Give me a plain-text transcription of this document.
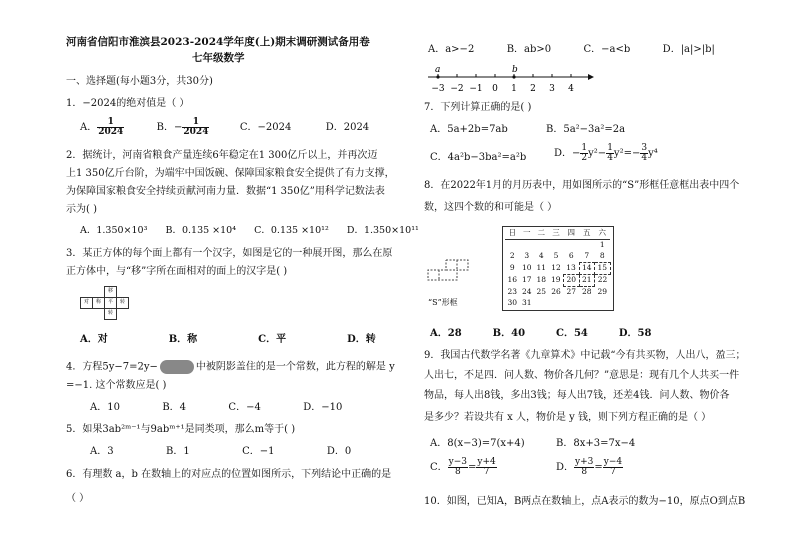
河南省信阳市淮滨县2023-2024学年度(上)期末调研测试备用卷
七年级数学
一、选择题(每小题3分，共30分)
1．−2024的绝对值是（ ）
A． $\frac{1}{2024}$	B．− $\frac{1}{2024}$	C．−2024	D．2024
2．据统计，河南省粮食产量连续6年稳定在1 300亿斤以上，并再次迈
上1 350亿斤台阶，为端牢中国饭碗、保障国家粮食安全提供了有力支撑，
为保障国家粮食安全持续贡献河南力量．数据“1 350亿”用科学记数法表
示为( )
A．1.350×10³ B．0.135 ×10⁴ C．0.135 ×10¹² D．1.350×10¹¹
3．某正方体的每个面上都有一个汉字，如图是它的一种展开图，那么在原
正方体中，与“移”字所在面相对的面上的汉字是( )
		移	
对	称	平	转
		转	
A．对	B．称	C．平	D．转
4．方程5y−7=2y−	中被阴影盖住的是一个常数，此方程的解是 y
=−1. 这个常数应是( )
A．10	B．4	C．−4	D．−10
5．如果3ab²ᵐ⁻¹与9abᵐ⁺¹是同类项，那么m等于( )
A．3	B．1	C．−1	D．0
6．有理数 a，b 在数轴上的对应点的位置如图所示，下列结论中正确的是
（ ）
A．a>−2	B．ab>0	C．−a<b	D．|a|>|b|
−3 −2 −1 0 1 2 3 4
a	b
7．下列计算正确的是( )
A．5a+2b=7ab	B．5a²−3a²=2a
C．4a²b−3ba²=a²b	D．− $\frac{1}{2} y^2- \frac{1}{4} y^2=- \frac{3}{4} y^4$
8．在2022年1月的月历表中，用如图所示的“S”形框任意框出表中四个
数，这四个数的和可能是（ ）
“S”形框
日	一	二	三	四	五	六
						1
2	3	4	5	6	7	8
9	10	11	12	13	14	15
16	17	18	19	20	21	22
23	24	25	26	27	28	29
30	31					
A．28	B．40	C．54	D．58
9．我国古代数学名著《九章算术》中记载“今有共买物，人出八，盈三；
人出七，不足四．问人数、物价各几何？”意思是：现有几个人共买一件
物品，每人出8钱，多出3钱；每人出7钱，还差4钱．问人数、物价各
是多少？若设共有 x 人，物价是 y 钱，则下列方程正确的是（ ）
A．8(x−3)=7(x+4)	B．8x+3=7x−4
C． $\frac{y-3}{8} = \frac{y+4}{7}$	D． $\frac{y+3}{8} = \frac{y-4}{7}$
10．如图，已知A，B两点在数轴上，点A表示的数为−10，原点O到点B
